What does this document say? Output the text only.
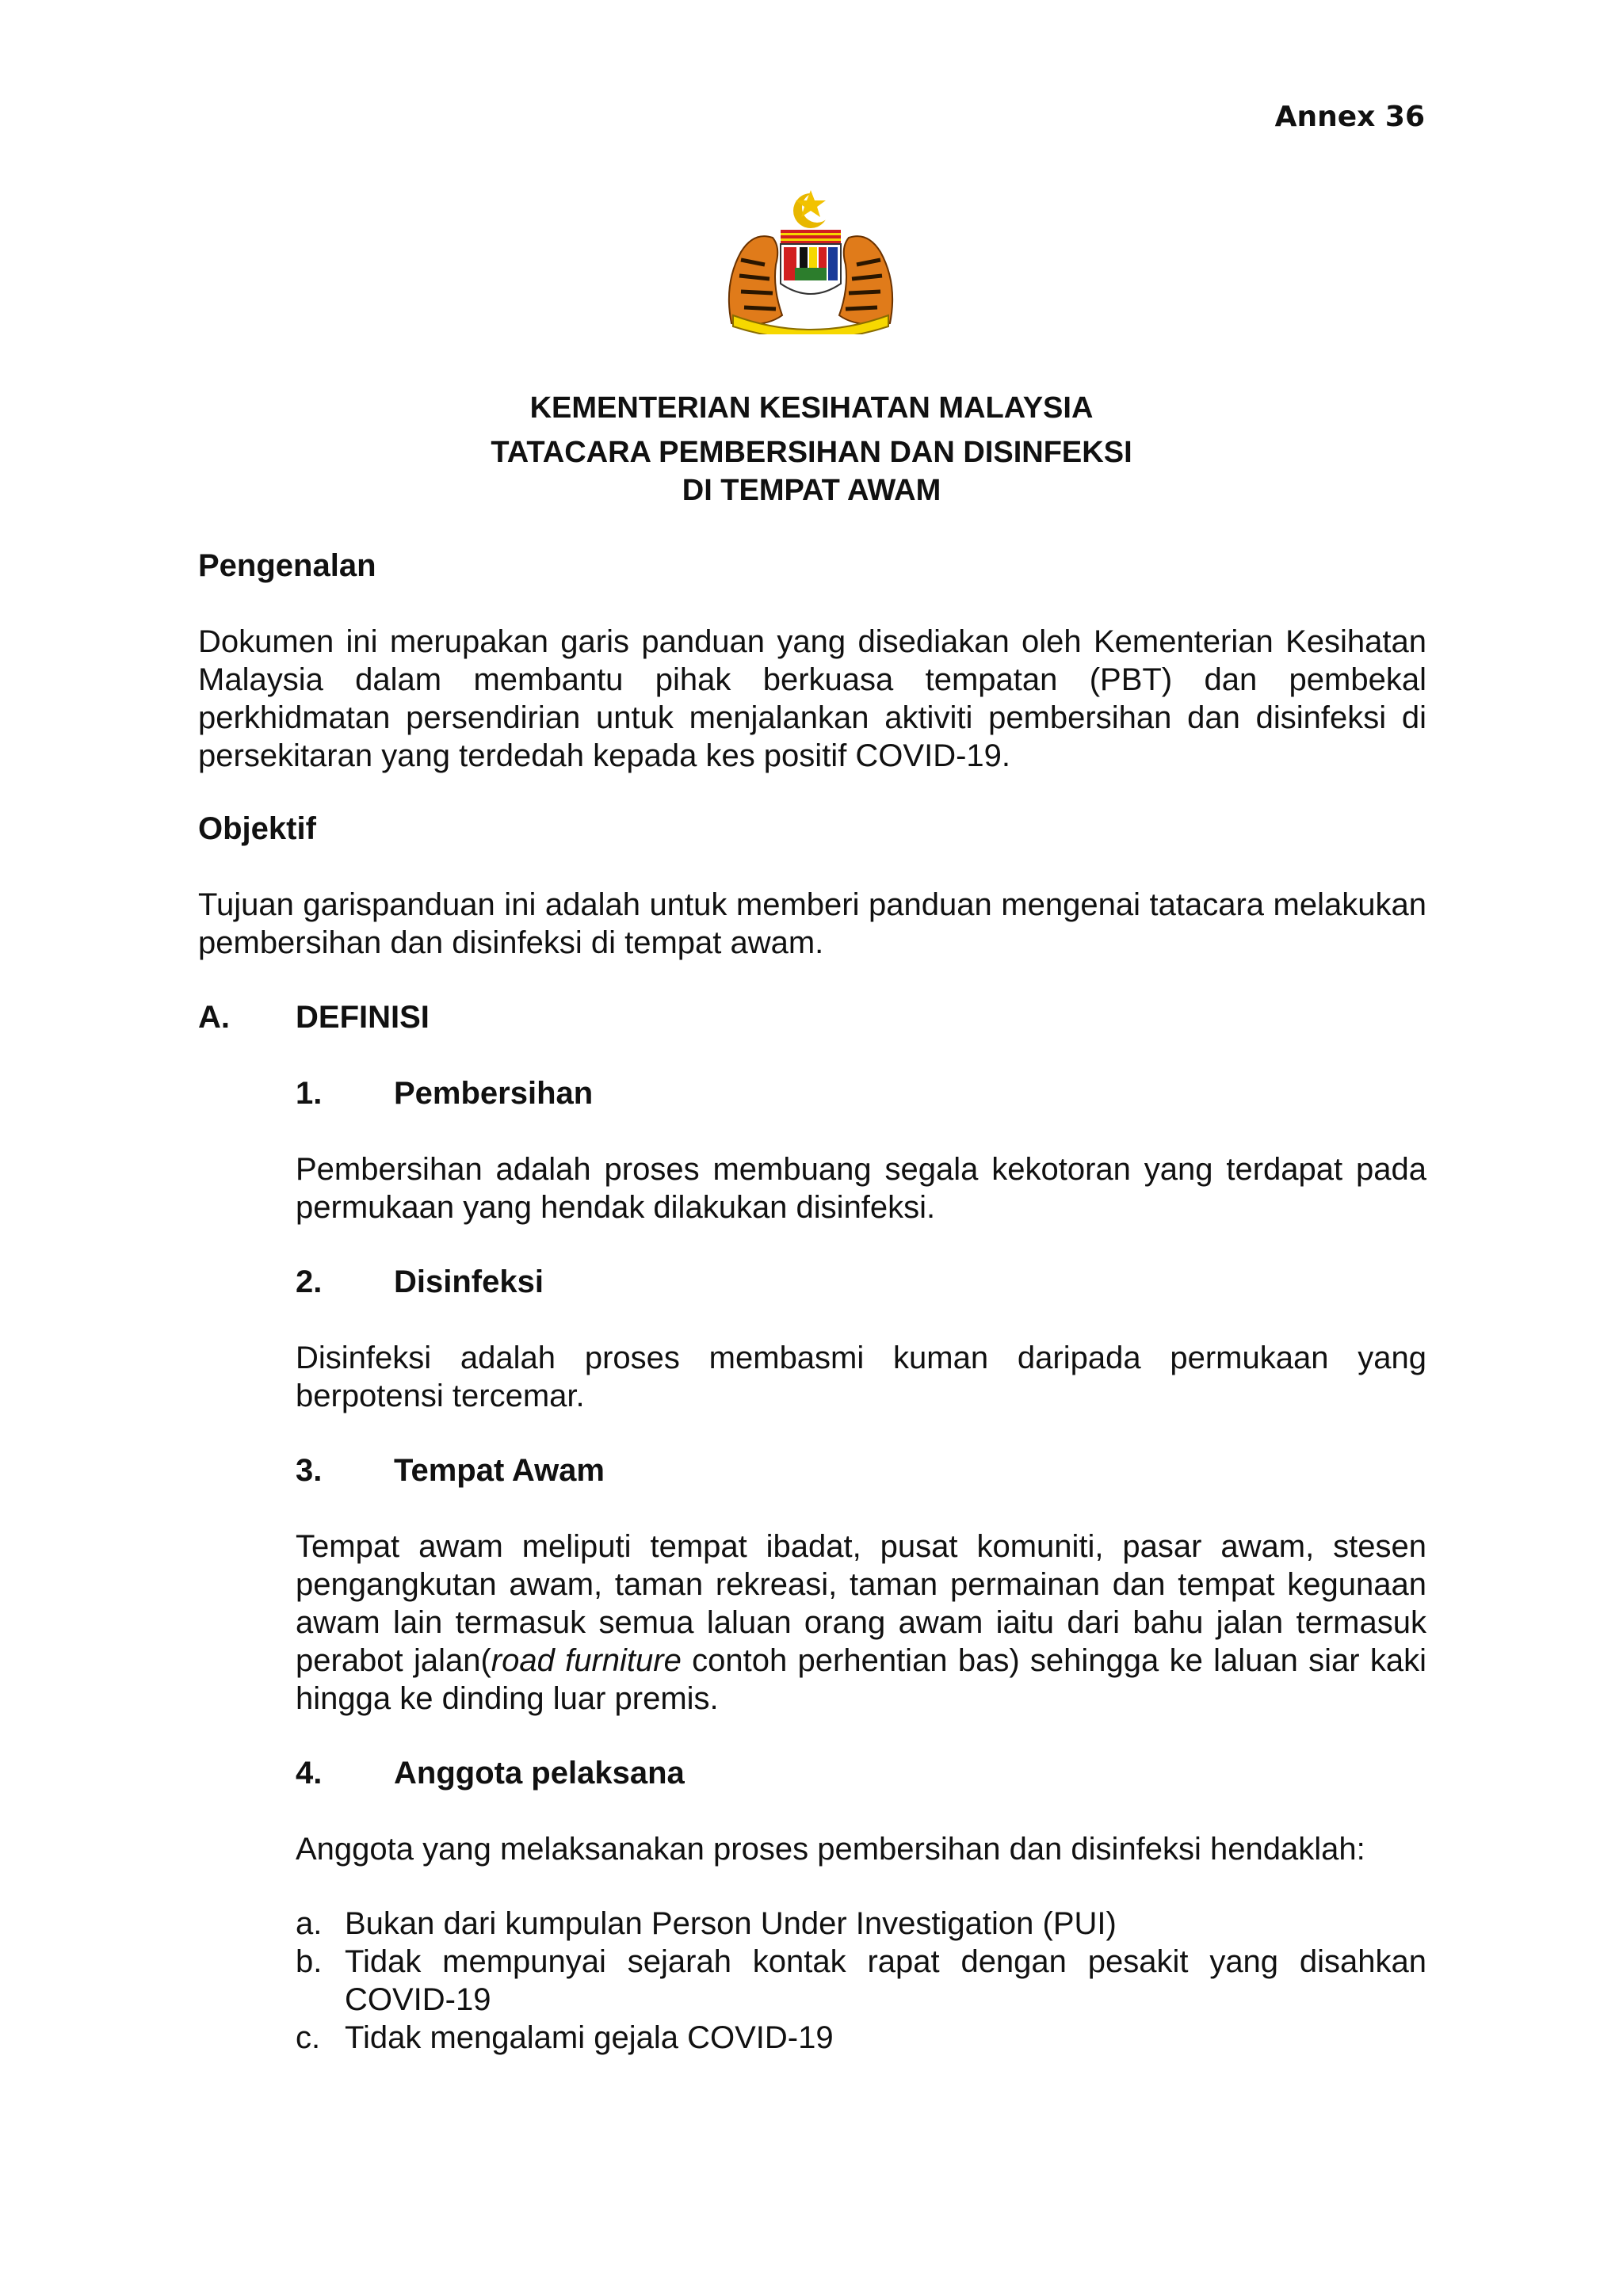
Annex 36
KEMENTERIAN KESIHATAN MALAYSIA
TATACARA PEMBERSIHAN DAN DISINFEKSI
DI TEMPAT AWAM
Pengenalan
Dokumen ini merupakan garis panduan yang disediakan oleh Kementerian Kesihatan Malaysia dalam membantu pihak berkuasa tempatan (PBT) dan pembekal perkhidmatan persendirian untuk menjalankan aktiviti pembersihan dan disinfeksi di persekitaran yang terdedah kepada kes positif COVID-19.
Objektif
Tujuan garispanduan ini adalah untuk memberi panduan mengenai tatacara melakukan pembersihan dan disinfeksi di tempat awam.
A. DEFINISI
1. Pembersihan
Pembersihan adalah proses membuang segala kekotoran yang terdapat pada permukaan yang hendak dilakukan disinfeksi.
2. Disinfeksi
Disinfeksi adalah proses membasmi kuman daripada permukaan yang berpotensi tercemar.
3. Tempat Awam
Tempat awam meliputi tempat ibadat, pusat komuniti, pasar awam, stesen pengangkutan awam, taman rekreasi, taman permainan dan tempat kegunaan awam lain termasuk semua laluan orang awam iaitu dari bahu jalan termasuk perabot jalan(road furniture contoh perhentian bas) sehingga ke laluan siar kaki hingga ke dinding luar premis.
4. Anggota pelaksana
Anggota yang melaksanakan proses pembersihan dan disinfeksi hendaklah:
a. Bukan dari kumpulan Person Under Investigation (PUI)
b. Tidak mempunyai sejarah kontak rapat dengan pesakit yang disahkan COVID-19
c. Tidak mengalami gejala COVID-19
